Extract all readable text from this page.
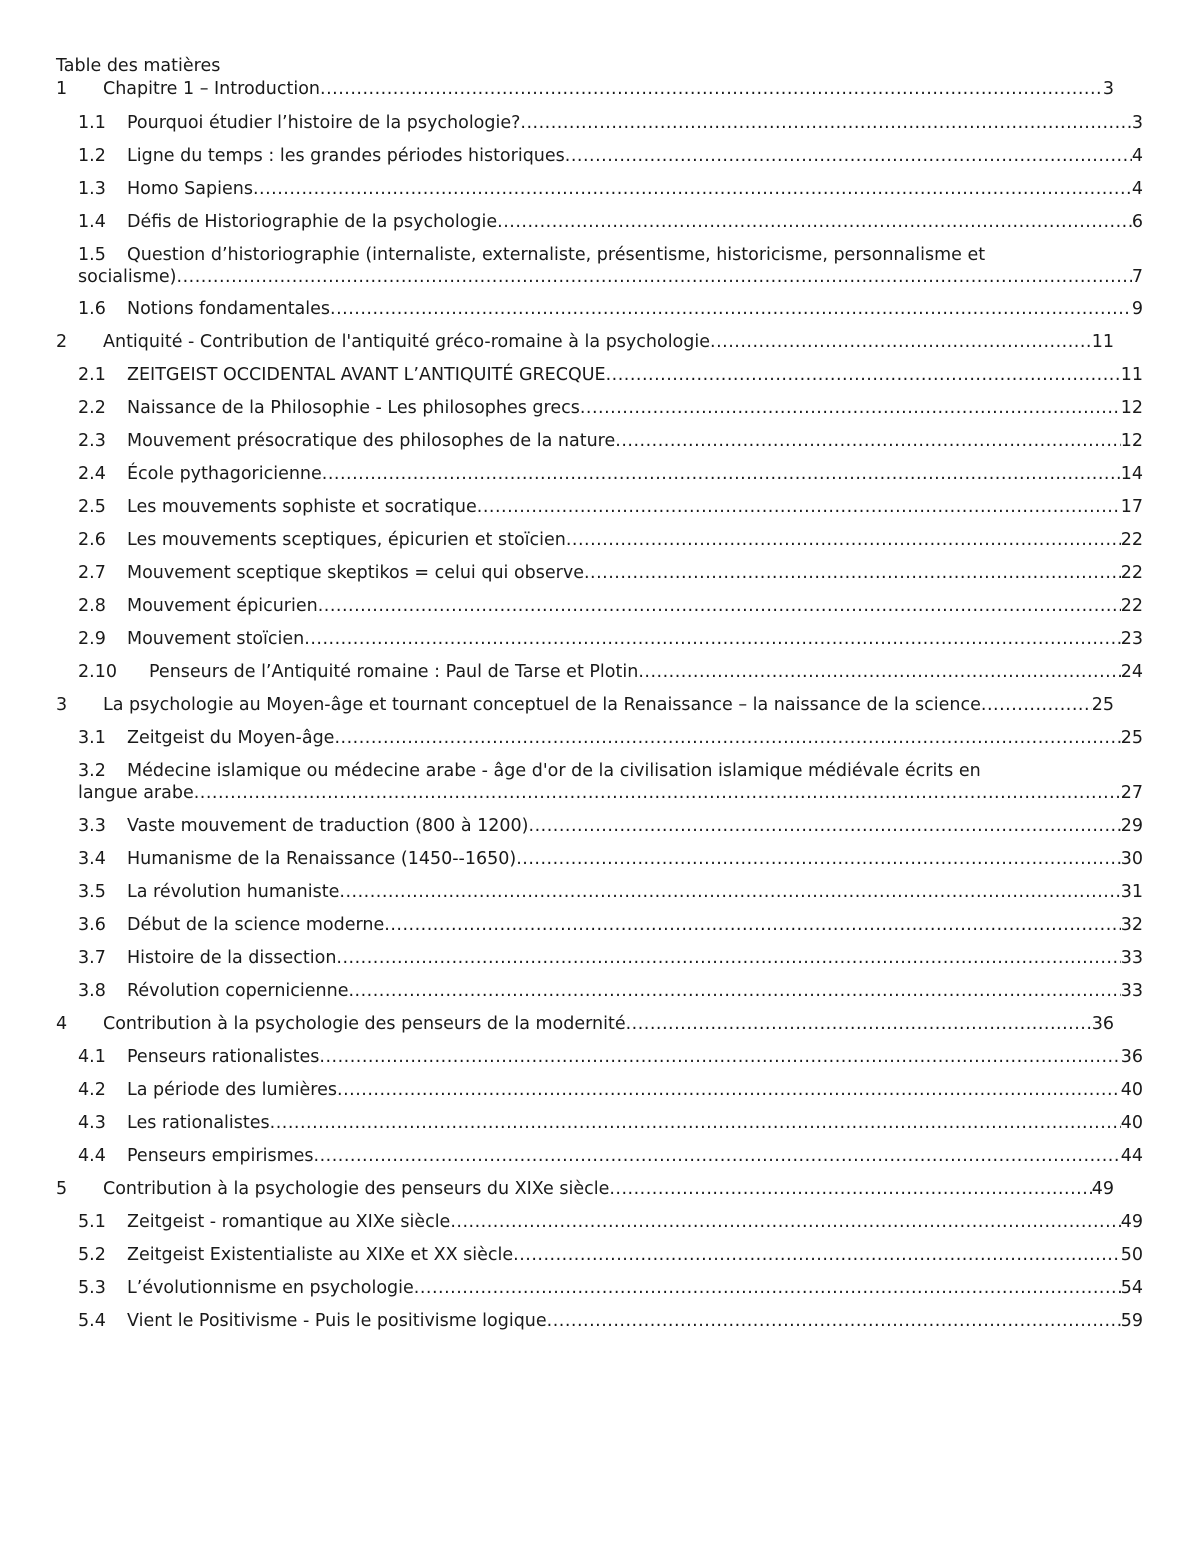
Table des matières
1	Chapitre 1 – Introduction .....	3
1.1	Pourquoi étudier l’histoire de la psychologie? .....	3
1.2	Ligne du temps : les grandes périodes historiques .....	4
1.3	Homo Sapiens .....	4
1.4	Défis de Historiographie de la psychologie .....	6
1.5	Question d’historiographie (internaliste, externaliste, présentisme, historicisme, personnalisme et
socialisme) .....	7
1.6	Notions fondamentales .....	9
2	Antiquité - Contribution de l'antiquité gréco-romaine à la psychologie .....	11
2.1	ZEITGEIST OCCIDENTAL AVANT L’ANTIQUITÉ GRECQUE .....	11
2.2	Naissance de la Philosophie - Les philosophes grecs .....	12
2.3	Mouvement présocratique des philosophes de la nature .....	12
2.4	École pythagoricienne .....	14
2.5	Les mouvements sophiste et socratique .....	17
2.6	Les mouvements sceptiques, épicurien et stoïcien .....	22
2.7	Mouvement sceptique skeptikos = celui qui observe .....	22
2.8	Mouvement épicurien .....	22
2.9	Mouvement stoïcien .....	23
2.10	Penseurs de l’Antiquité romaine : Paul de Tarse et Plotin .....	24
3	La psychologie au Moyen-âge et tournant conceptuel de la Renaissance – la naissance de la science .....	25
3.1	Zeitgeist du Moyen-âge .....	25
3.2	Médecine islamique ou médecine arabe - âge d'or de la civilisation islamique médiévale écrits en
langue arabe .....	27
3.3	Vaste mouvement de traduction (800 à 1200) .....	29
3.4	Humanisme de la Renaissance (1450--1650) .....	30
3.5	La révolution humaniste .....	31
3.6	Début de la science moderne .....	32
3.7	Histoire de la dissection .....	33
3.8	Révolution copernicienne .....	33
4	Contribution à la psychologie des penseurs de la modernité .....	36
4.1	Penseurs rationalistes .....	36
4.2	La période des lumières .....	40
4.3	Les rationalistes .....	40
4.4	Penseurs empirismes .....	44
5	Contribution à la psychologie des penseurs du XIXe siècle .....	49
5.1	Zeitgeist - romantique au XIXe siècle .....	49
5.2	Zeitgeist Existentialiste au XIXe et XX siècle .....	50
5.3	L’évolutionnisme en psychologie .....	54
5.4	Vient le Positivisme - Puis le positivisme logique .....	59
